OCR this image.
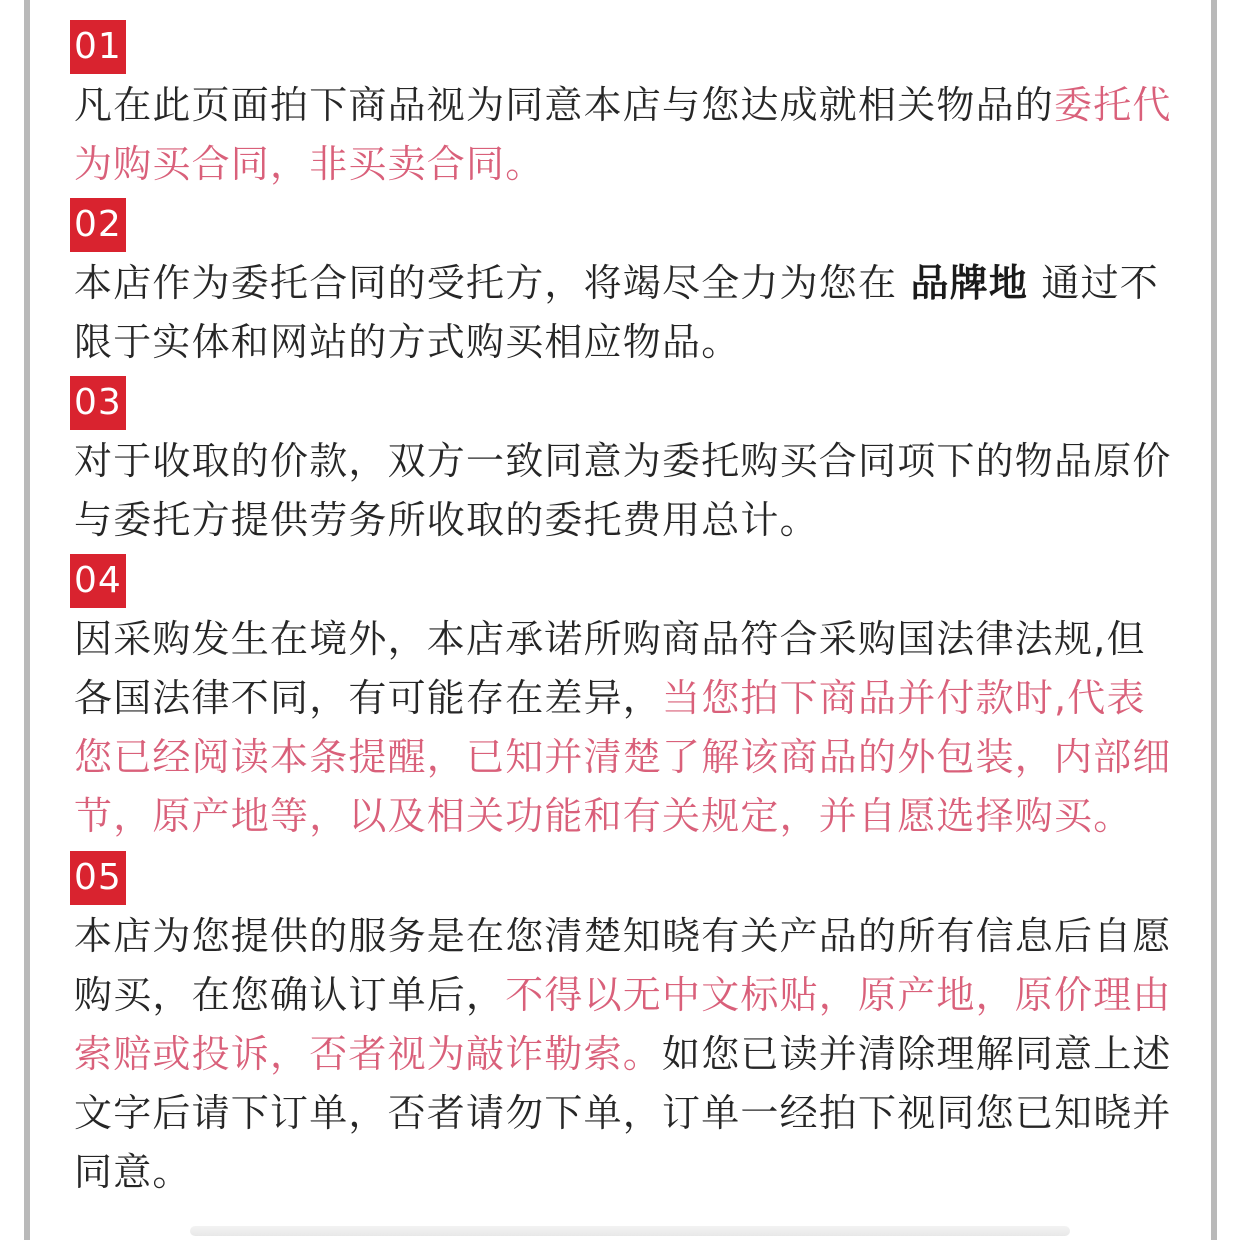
01

凡在此页面拍下商品视为同意本店与您达成就相关物品的委托代为购买合同，非买卖合同。

02

本店作为委托合同的受托方，将竭尽全力为您在 品牌地 通过不限于实体和网站的方式购买相应物品。

03

对于收取的价款，双方一致同意为委托购买合同项下的物品原价与委托方提供劳务所收取的委托费用总计。

04

因采购发生在境外，本店承诺所购商品符合采购国法律法规,但各国法律不同，有可能存在差异，当您拍下商品并付款时,代表您已经阅读本条提醒，已知并清楚了解该商品的外包装，内部细节，原产地等，以及相关功能和有关规定，并自愿选择购买。

05

本店为您提供的服务是在您清楚知晓有关产品的所有信息后自愿购买，在您确认订单后，不得以无中文标贴，原产地，原价理由索赔或投诉，否者视为敲诈勒索。如您已读并清除理解同意上述文字后请下订单，否者请勿下单，订单一经拍下视同您已知晓并同意。
